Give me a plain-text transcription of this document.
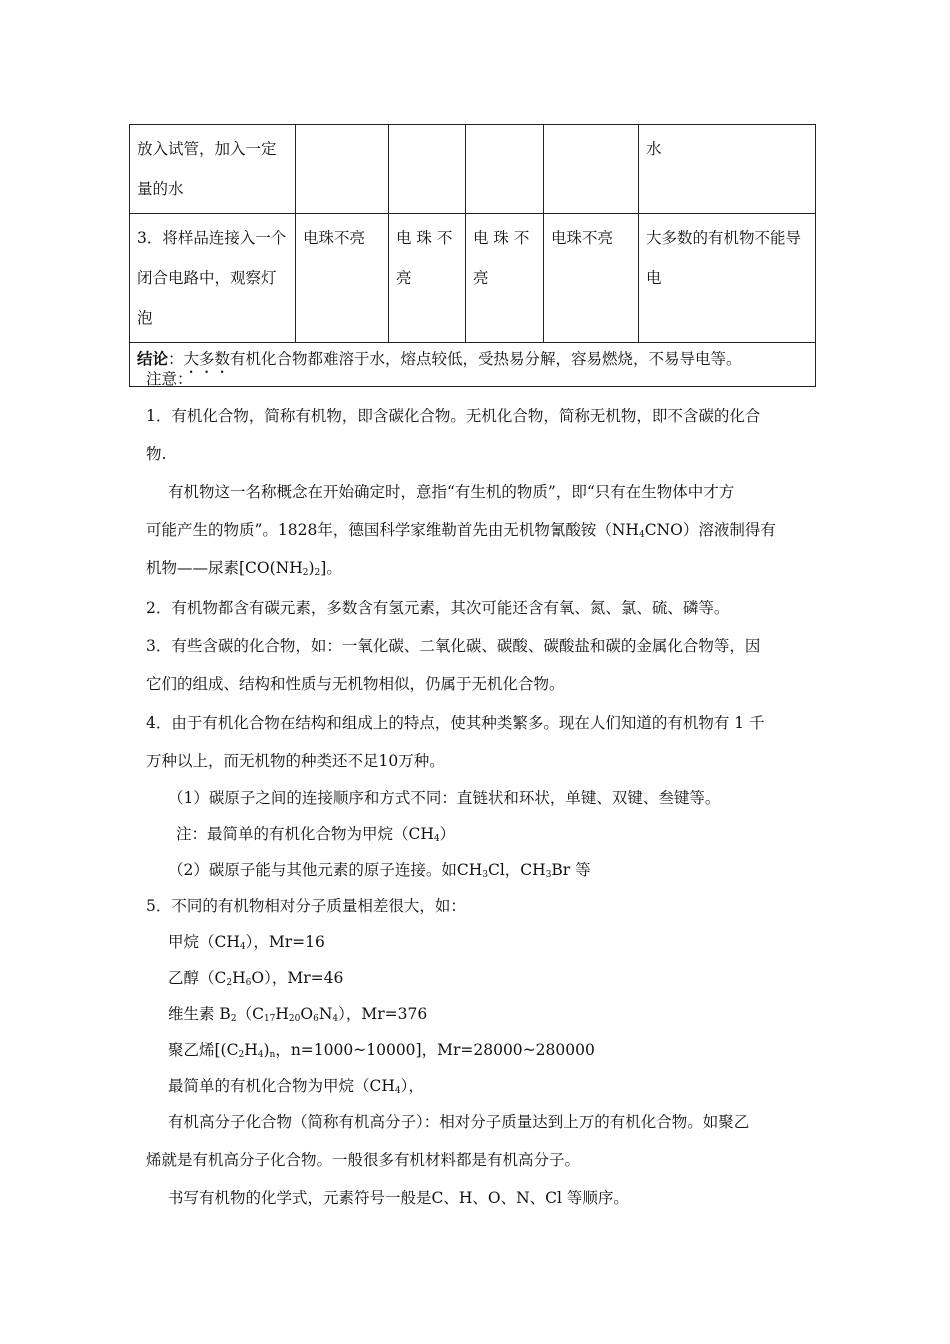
放入试管，加入一定量的水					水
3．将样品连接入一个闭合电路中，观察灯泡	电珠不亮	电 珠 不 亮	电 珠 不 亮	电珠不亮	大多数的有机物不能导电
结论：大多数有机化合物都难溶于水，熔点较低，受热易分解，容易燃烧，不易导电等。					
注意：
1．有机化合物，简称有机物，即含碳化合物。无机化合物，简称无机物，即不含碳的化合
物.
有机物这一名称概念在开始确定时，意指“有生机的物质”，即“只有在生物体中才方
可能产生的物质”。1828年，德国科学家维勒首先由无机物氰酸铵$(NH_4CNO)$溶液制得有
机物——尿素$[CO(NH_2)_2]$。
2．有机物都含有碳元素，多数含有氢元素，其次可能还含有氧、氮、氯、硫、磷等。
3．有些含碳的化合物，如：一氧化碳、二氧化碳、碳酸、碳酸盐和碳的金属化合物等，因
它们的组成、结构和性质与无机物相似，仍属于无机化合物。
4．由于有机化合物在结构和组成上的特点，使其种类繁多。现在人们知道的有机物有 1 千
万种以上，而无机物的种类还不足10万种。
（1）碳原子之间的连接顺序和方式不同：直链状和环状，单键、双键、叁键等。
注：最简单的有机化合物为甲烷$(CH_4)$
（2）碳原子能与其他元素的原子连接。如$CH_3Cl$，$CH_3Br$ 等
5．不同的有机物相对分子质量相差很大，如：
甲烷$(CH_4)$，Mr=16
乙醇$(C_2H_6O)$，Mr=46
维生素 $B_2(C_{17}H_{20}O_6N_4)$，Mr=376
聚乙烯[$(C_2H_4)_n$，n=1000~10000]，Mr=28000~280000
最简单的有机化合物为甲烷$(CH_4)$，
有机高分子化合物（简称有机高分子）：相对分子质量达到上万的有机化合物。如聚乙
烯就是有机高分子化合物。一般很多有机材料都是有机高分子。
书写有机物的化学式，元素符号一般是C、H、O、N、Cl 等顺序。
